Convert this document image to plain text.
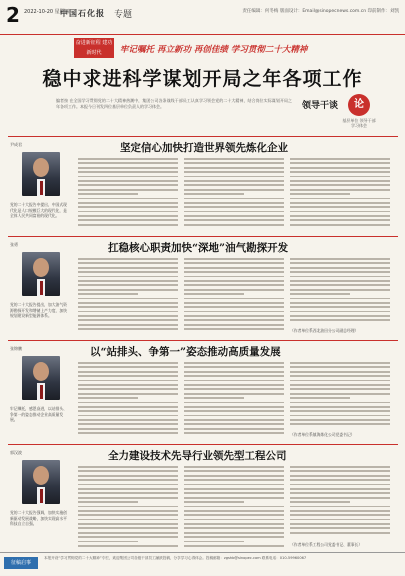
2 2022-10-20 星期四
中国石化报 专题	责任编辑：何冬梅 版面设计：Email@sinopecnews.com.cn 印前制作：刘凯
奋进新征程 建功新时代	牢记嘱托 再立新功 再创佳绩 学习贯彻二十大精神
稳中求进科学谋划开局之年各项工作
编者按 在全国学习贯彻党的二十大精神热潮中，集团公司各条战线干部员工认真学习领会党的二十大精神，结合岗位实际谋划开局之年各项工作。本报今日刊发四位基层单位负责人的学习体会。	领导干谈	论
基层单位 领导干部学习体会
尹成君
党的二十大报告中提出，中国式现代化是人口规模巨大的现代化，是全体人民共同富裕的现代化。
坚定信心加快打造世界领先炼化企业
张勇
党的二十大报告提出，加大油气资源勘探开发和增储上产力度，加快规划建设新型能源体系。
扛稳核心职责加快“深地”油气勘探开发
（作者单位系西北油田分公司副总经理）
张锦鹏
牢记嘱托，感恩奋进，以站排头、争第一的姿态推动企业高质量发展。
以“站排头、争第一”姿态推动高质量发展
（作者单位系镇海炼化公司党委书记）
郭汉波
党的二十大报告强调，加快实施创新驱动发展战略，加快实现高水平科技自立自强。
全力建设技术先导行业领先型工程公司
（作者单位系工程公司党委书记、董事长）
征稿启事
本报开设“学习贯彻党的二十大精神”专栏，欢迎集团公司各级干部员工踊跃投稿，分享学习心得体会。投稿邮箱：zgshb@sinopec.com 联系电话：010-59960067
